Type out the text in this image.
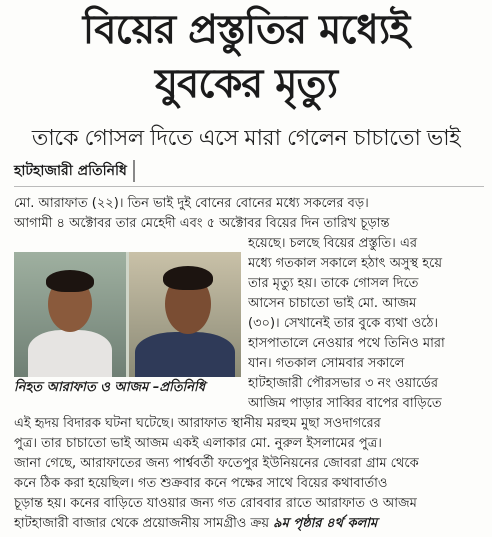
বিয়ের প্রস্তুতির মধ্যেই
যুবকের মৃত্যু
তাকে গোসল দিতে এসে মারা গেলেন চাচাতো ভাই
হাটহাজারী প্রতিনিধি
মো. আরাফাত (২২)। তিন ভাই দুই বোনের বোনের মধ্যে সকলের বড়।
আগামী ৪ অক্টোবর তার মেহেদী এবং ৫ অক্টোবর বিয়ের দিন তারিখ চূড়ান্ত
নিহত আরাফাত ও আজম –প্রতিনিধি
হয়েছে। চলছে বিয়ের প্রস্তুতি। এর
মধ্যে গতকাল সকালে হঠাৎ অসুস্থ হয়ে
তার মৃত্যু হয়। তাকে গোসল দিতে
আসেন চাচাতো ভাই মো. আজম
(৩০)। সেখানেই তার বুকে ব্যথা ওঠে।
হাসপাতালে নেওয়ার পথে তিনিও মারা
যান। গতকাল সোমবার সকালে
হাটহাজারী পৌরসভার ৩ নং ওয়ার্ডের
আজিম পাড়ার সাব্বির বাপের বাড়িতে
এই হৃদয় বিদারক ঘটনা ঘটেছে। আরাফাত স্থানীয় মরহুম মুছা সওদাগরের
পুত্র। তার চাচাতো ভাই আজম একই এলাকার মো. নুরুল ইসলামের পুত্র।
জানা গেছে, আরাফাতের জন্য পার্শ্ববর্তী ফতেপুর ইউনিয়নের জোবরা গ্রাম থেকে
কনে ঠিক করা হয়েছিল। গত শুক্রবার কনে পক্ষের সাথে বিয়ের কথাবার্তাও
চূড়ান্ত হয়। কনের বাড়িতে যাওয়ার জন্য গত রোববার রাতে আরাফাত ও আজম
হাটহাজারী বাজার থেকে প্রয়োজনীয় সামগ্রীও ক্রয় ৯ম পৃষ্ঠার ৪র্থ কলাম
